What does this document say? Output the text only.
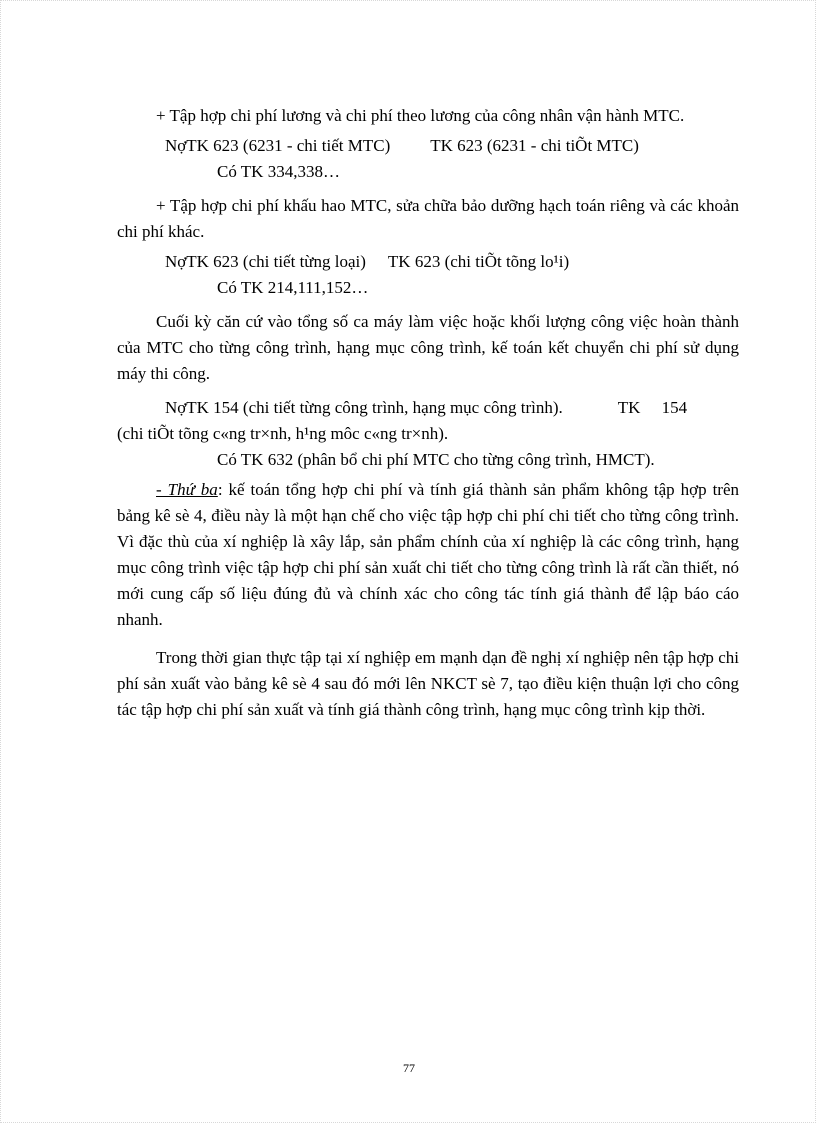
+ Tập hợp chi phí lương và chi phí theo lương của công nhân vận hành MTC.

NợTK 623 (6231 - chi tiết MTC) TK 623 (6231 - chi tiÕt MTC)

Có TK 334,338…

+ Tập hợp chi phí khấu hao MTC, sửa chữa bảo dưỡng hạch toán riêng và các khoản chi phí khác.

NợTK 623 (chi tiết từng loại) TK 623 (chi tiÕt tõng lo¹i)

Có TK 214,111,152…

Cuối kỳ căn cứ vào tổng số ca máy làm việc hoặc khối lượng công việc hoàn thành của MTC cho từng công trình, hạng mục công trình, kế toán kết chuyển chi phí sử dụng máy thi công.

NợTK 154 (chi tiết từng công trình, hạng mục công trình).             TK     154

(chi tiÕt tõng c«ng tr×nh, h¹ng môc c«ng tr×nh).

Có TK 632 (phân bổ chi phí MTC cho từng công trình, HMCT).

- Thứ ba: kế toán tổng hợp chi phí và tính giá thành sản phẩm không tập hợp trên bảng kê sè 4, điều này là một hạn chế cho việc tập hợp chi phí chi tiết cho từng công trình. Vì đặc thù của xí nghiệp là xây lắp, sản phẩm chính của xí nghiệp là các công trình, hạng mục công trình việc tập hợp chi phí sản xuất chi tiết cho từng công trình là rất cần thiết, nó mới cung cấp số liệu đúng đủ và chính xác cho công tác tính giá thành để lập báo cáo nhanh.

Trong thời gian thực tập tại xí nghiệp em mạnh dạn đề nghị xí nghiệp nên tập hợp chi phí sản xuất vào bảng kê sè 4 sau đó mới lên NKCT sè 7, tạo điều kiện thuận lợi cho công tác tập hợp chi phí sản xuất và tính giá thành công trình, hạng mục công trình kịp thời.

77
